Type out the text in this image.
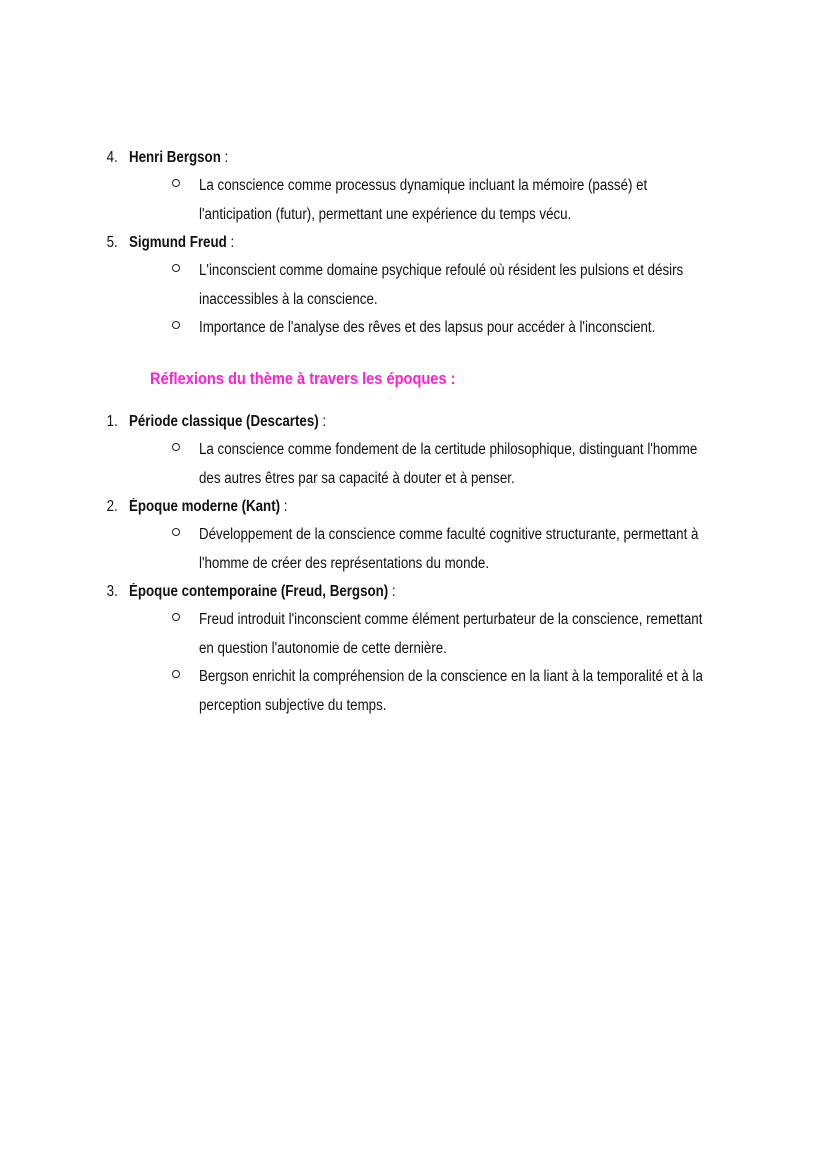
4. Henri Bergson :
La conscience comme processus dynamique incluant la mémoire (passé) et
l'anticipation (futur), permettant une expérience du temps vécu.
5. Sigmund Freud :
L'inconscient comme domaine psychique refoulé où résident les pulsions et désirs
inaccessibles à la conscience.
Importance de l'analyse des rêves et des lapsus pour accéder à l'inconscient.
Réflexions du thème à travers les époques :
1. Période classique (Descartes) :
La conscience comme fondement de la certitude philosophique, distinguant l'homme
des autres êtres par sa capacité à douter et à penser.
2. Époque moderne (Kant) :
Développement de la conscience comme faculté cognitive structurante, permettant à
l'homme de créer des représentations du monde.
3. Époque contemporaine (Freud, Bergson) :
Freud introduit l'inconscient comme élément perturbateur de la conscience, remettant
en question l'autonomie de cette dernière.
Bergson enrichit la compréhension de la conscience en la liant à la temporalité et à la
perception subjective du temps.
